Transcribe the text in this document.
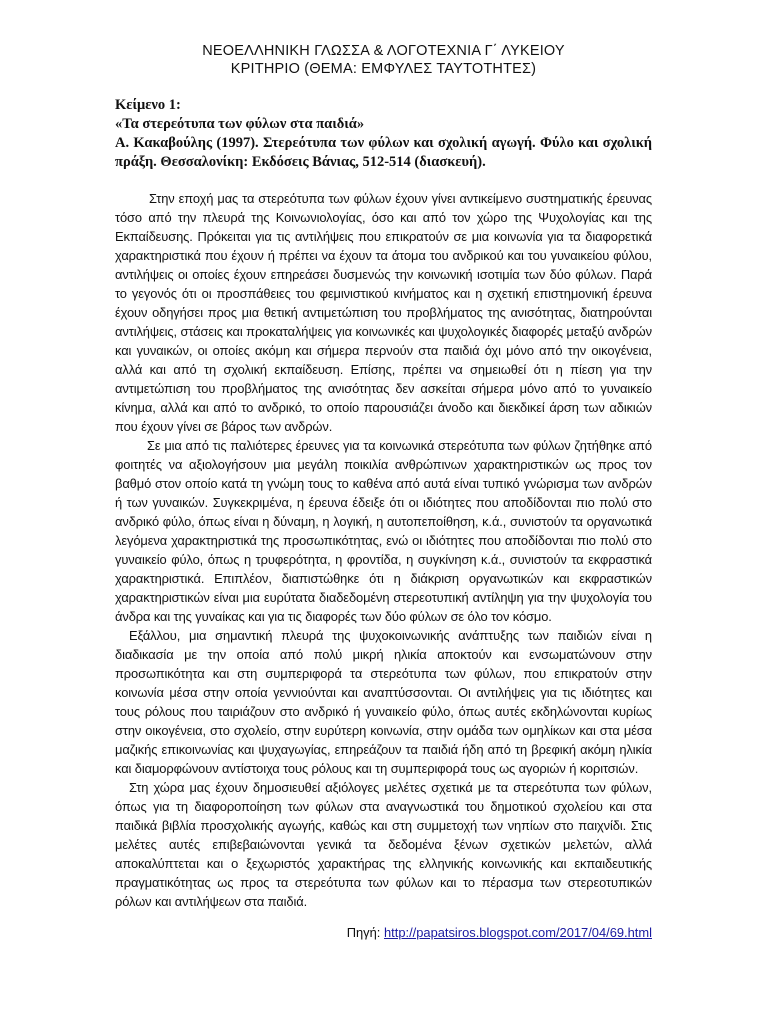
ΝΕΟΕΛΛΗΝΙΚΗ ΓΛΩΣΣΑ & ΛΟΓΟΤΕΧΝΙΑ Γ΄ ΛΥΚΕΙΟΥ
ΚΡΙΤΗΡΙΟ (ΘΕΜΑ: ΕΜΦΥΛΕΣ ΤΑΥΤΟΤΗΤΕΣ)
Κείμενο 1:
«Τα στερεότυπα των φύλων στα παιδιά»
Α. Κακαβούλης (1997). Στερεότυπα των φύλων και σχολική αγωγή. Φύλο και σχολική πράξη. Θεσσαλονίκη: Εκδόσεις Βάνιας, 512-514 (διασκευή).

Στην εποχή μας τα στερεότυπα των φύλων έχουν γίνει αντικείμενο συστηματικής έρευνας τόσο από την πλευρά της Κοινωνιολογίας, όσο και από τον χώρο της Ψυχολογίας και της Εκπαίδευσης. Πρόκειται για τις αντιλήψεις που επικρατούν σε μια κοινωνία για τα διαφορετικά χαρακτηριστικά που έχουν ή πρέπει να έχουν τα άτομα του ανδρικού και του γυναικείου φύλου, αντιλήψεις οι οποίες έχουν επηρεάσει δυσμενώς την κοινωνική ισοτιμία των δύο φύλων. Παρά το γεγονός ότι οι προσπάθειες του φεμινιστικού κινήματος και η σχετική επιστημονική έρευνα έχουν οδηγήσει προς μια θετική αντιμετώπιση του προβλήματος της ανισότητας, διατηρούνται αντιλήψεις, στάσεις και προκαταλήψεις για κοινωνικές και ψυχολογικές διαφορές μεταξύ ανδρών και γυναικών, οι οποίες ακόμη και σήμερα περνούν στα παιδιά όχι μόνο από την οικογένεια, αλλά και από τη σχολική εκπαίδευση. Επίσης, πρέπει να σημειωθεί ότι η πίεση για την αντιμετώπιση του προβλήματος της ανισότητας δεν ασκείται σήμερα μόνο από το γυναικείο κίνημα, αλλά και από το ανδρικό, το οποίο παρουσιάζει άνοδο και διεκδικεί άρση των αδικιών που έχουν γίνει σε βάρος των ανδρών.

Σε μια από τις παλιότερες έρευνες για τα κοινωνικά στερεότυπα των φύλων ζητήθηκε από φοιτητές να αξιολογήσουν μια μεγάλη ποικιλία ανθρώπινων χαρακτηριστικών ως προς τον βαθμό στον οποίο κατά τη γνώμη τους το καθένα από αυτά είναι τυπικό γνώρισμα των ανδρών ή των γυναικών. Συγκεκριμένα, η έρευνα έδειξε ότι οι ιδιότητες που αποδίδονται πιο πολύ στο ανδρικό φύλο, όπως είναι η δύναμη, η λογική, η αυτοπεποίθηση, κ.ά., συνιστούν τα οργανωτικά λεγόμενα χαρακτηριστικά της προσωπικότητας, ενώ οι ιδιότητες που αποδίδονται πιο πολύ στο γυναικείο φύλο, όπως η τρυφερότητα, η φροντίδα, η συγκίνηση κ.ά., συνιστούν τα εκφραστικά χαρακτηριστικά. Επιπλέον, διαπιστώθηκε ότι η διάκριση οργανωτικών και εκφραστικών χαρακτηριστικών είναι μια ευρύτατα διαδεδομένη στερεοτυπική αντίληψη για την ψυχολογία του άνδρα και της γυναίκας και για τις διαφορές των δύο φύλων σε όλο τον κόσμο.

Εξάλλου, μια σημαντική πλευρά της ψυχοκοινωνικής ανάπτυξης των παιδιών είναι η διαδικασία με την οποία από πολύ μικρή ηλικία αποκτούν και ενσωματώνουν στην προσωπικότητα και στη συμπεριφορά τα στερεότυπα των φύλων, που επικρατούν στην κοινωνία μέσα στην οποία γεννιούνται και αναπτύσσονται. Οι αντιλήψεις για τις ιδιότητες και τους ρόλους που ταιριάζουν στο ανδρικό ή γυναικείο φύλο, όπως αυτές εκδηλώνονται κυρίως στην οικογένεια, στο σχολείο, στην ευρύτερη κοινωνία, στην ομάδα των ομηλίκων και στα μέσα μαζικής επικοινωνίας και ψυχαγωγίας, επηρεάζουν τα παιδιά ήδη από τη βρεφική ακόμη ηλικία και διαμορφώνουν αντίστοιχα τους ρόλους και τη συμπεριφορά τους ως αγοριών ή κοριτσιών.

Στη χώρα μας έχουν δημοσιευθεί αξιόλογες μελέτες σχετικά με τα στερεότυπα των φύλων, όπως για τη διαφοροποίηση των φύλων στα αναγνωστικά του δημοτικού σχολείου και στα παιδικά βιβλία προσχολικής αγωγής, καθώς και στη συμμετοχή των νηπίων στο παιχνίδι. Στις μελέτες αυτές επιβεβαιώνονται γενικά τα δεδομένα ξένων σχετικών μελετών, αλλά αποκαλύπτεται και ο ξεχωριστός χαρακτήρας της ελληνικής κοινωνικής και εκπαιδευτικής πραγματικότητας ως προς τα στερεότυπα των φύλων και το πέρασμα των στερεοτυπικών ρόλων και αντιλήψεων στα παιδιά.

Πηγή: http://papatsiros.blogspot.com/2017/04/69.html
